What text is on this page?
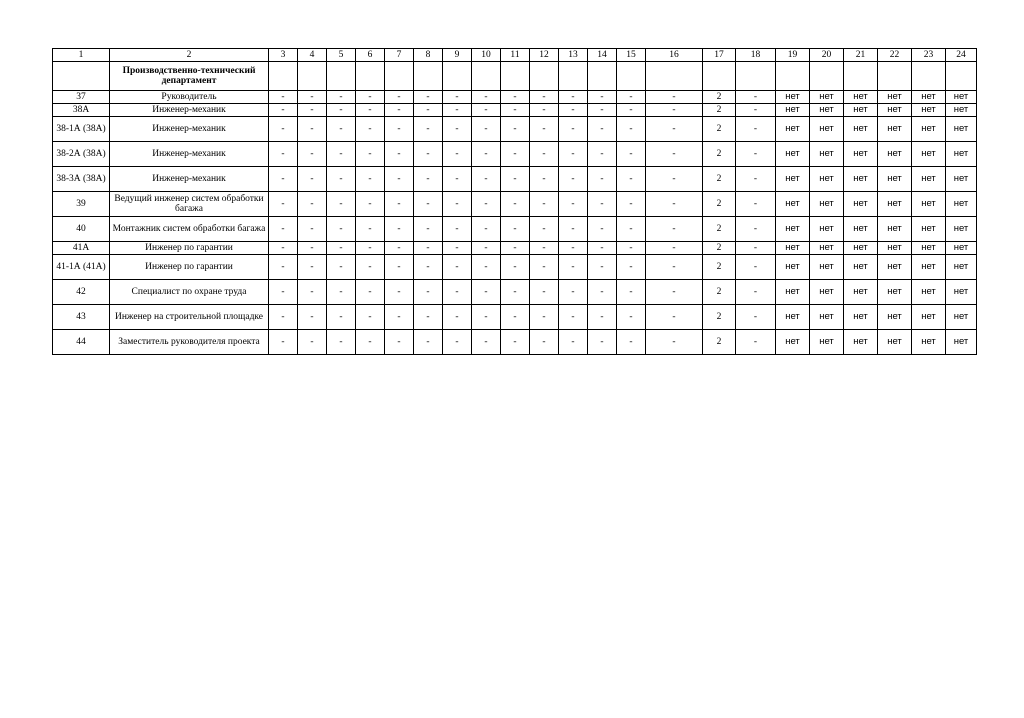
1	2	3	4	5	6	7	8	9	10	11	12	13	14	15	16	17	18	19	20	21	22	23	24
	Производственно-технический департамент																						
37	Руководитель	-	-	-	-	-	-	-	-	-	-	-	-	-	-	2	-	нет	нет	нет	нет	нет	нет
38А	Инженер-механик	-	-	-	-	-	-	-	-	-	-	-	-	-	-	2	-	нет	нет	нет	нет	нет	нет
38-1А (38А)	Инженер-механик	-	-	-	-	-	-	-	-	-	-	-	-	-	-	2	-	нет	нет	нет	нет	нет	нет
38-2А (38А)	Инженер-механик	-	-	-	-	-	-	-	-	-	-	-	-	-	-	2	-	нет	нет	нет	нет	нет	нет
38-3А (38А)	Инженер-механик	-	-	-	-	-	-	-	-	-	-	-	-	-	-	2	-	нет	нет	нет	нет	нет	нет
39	Ведущий инженер систем обработки багажа	-	-	-	-	-	-	-	-	-	-	-	-	-	-	2	-	нет	нет	нет	нет	нет	нет
40	Монтажник систем обработки багажа	-	-	-	-	-	-	-	-	-	-	-	-	-	-	2	-	нет	нет	нет	нет	нет	нет
41А	Инженер по гарантии	-	-	-	-	-	-	-	-	-	-	-	-	-	-	2	-	нет	нет	нет	нет	нет	нет
41-1А (41А)	Инженер по гарантии	-	-	-	-	-	-	-	-	-	-	-	-	-	-	2	-	нет	нет	нет	нет	нет	нет
42	Специалист по охране труда	-	-	-	-	-	-	-	-	-	-	-	-	-	-	2	-	нет	нет	нет	нет	нет	нет
43	Инженер на строительной площадке	-	-	-	-	-	-	-	-	-	-	-	-	-	-	2	-	нет	нет	нет	нет	нет	нет
44	Заместитель руководителя проекта	-	-	-	-	-	-	-	-	-	-	-	-	-	-	2	-	нет	нет	нет	нет	нет	нет
